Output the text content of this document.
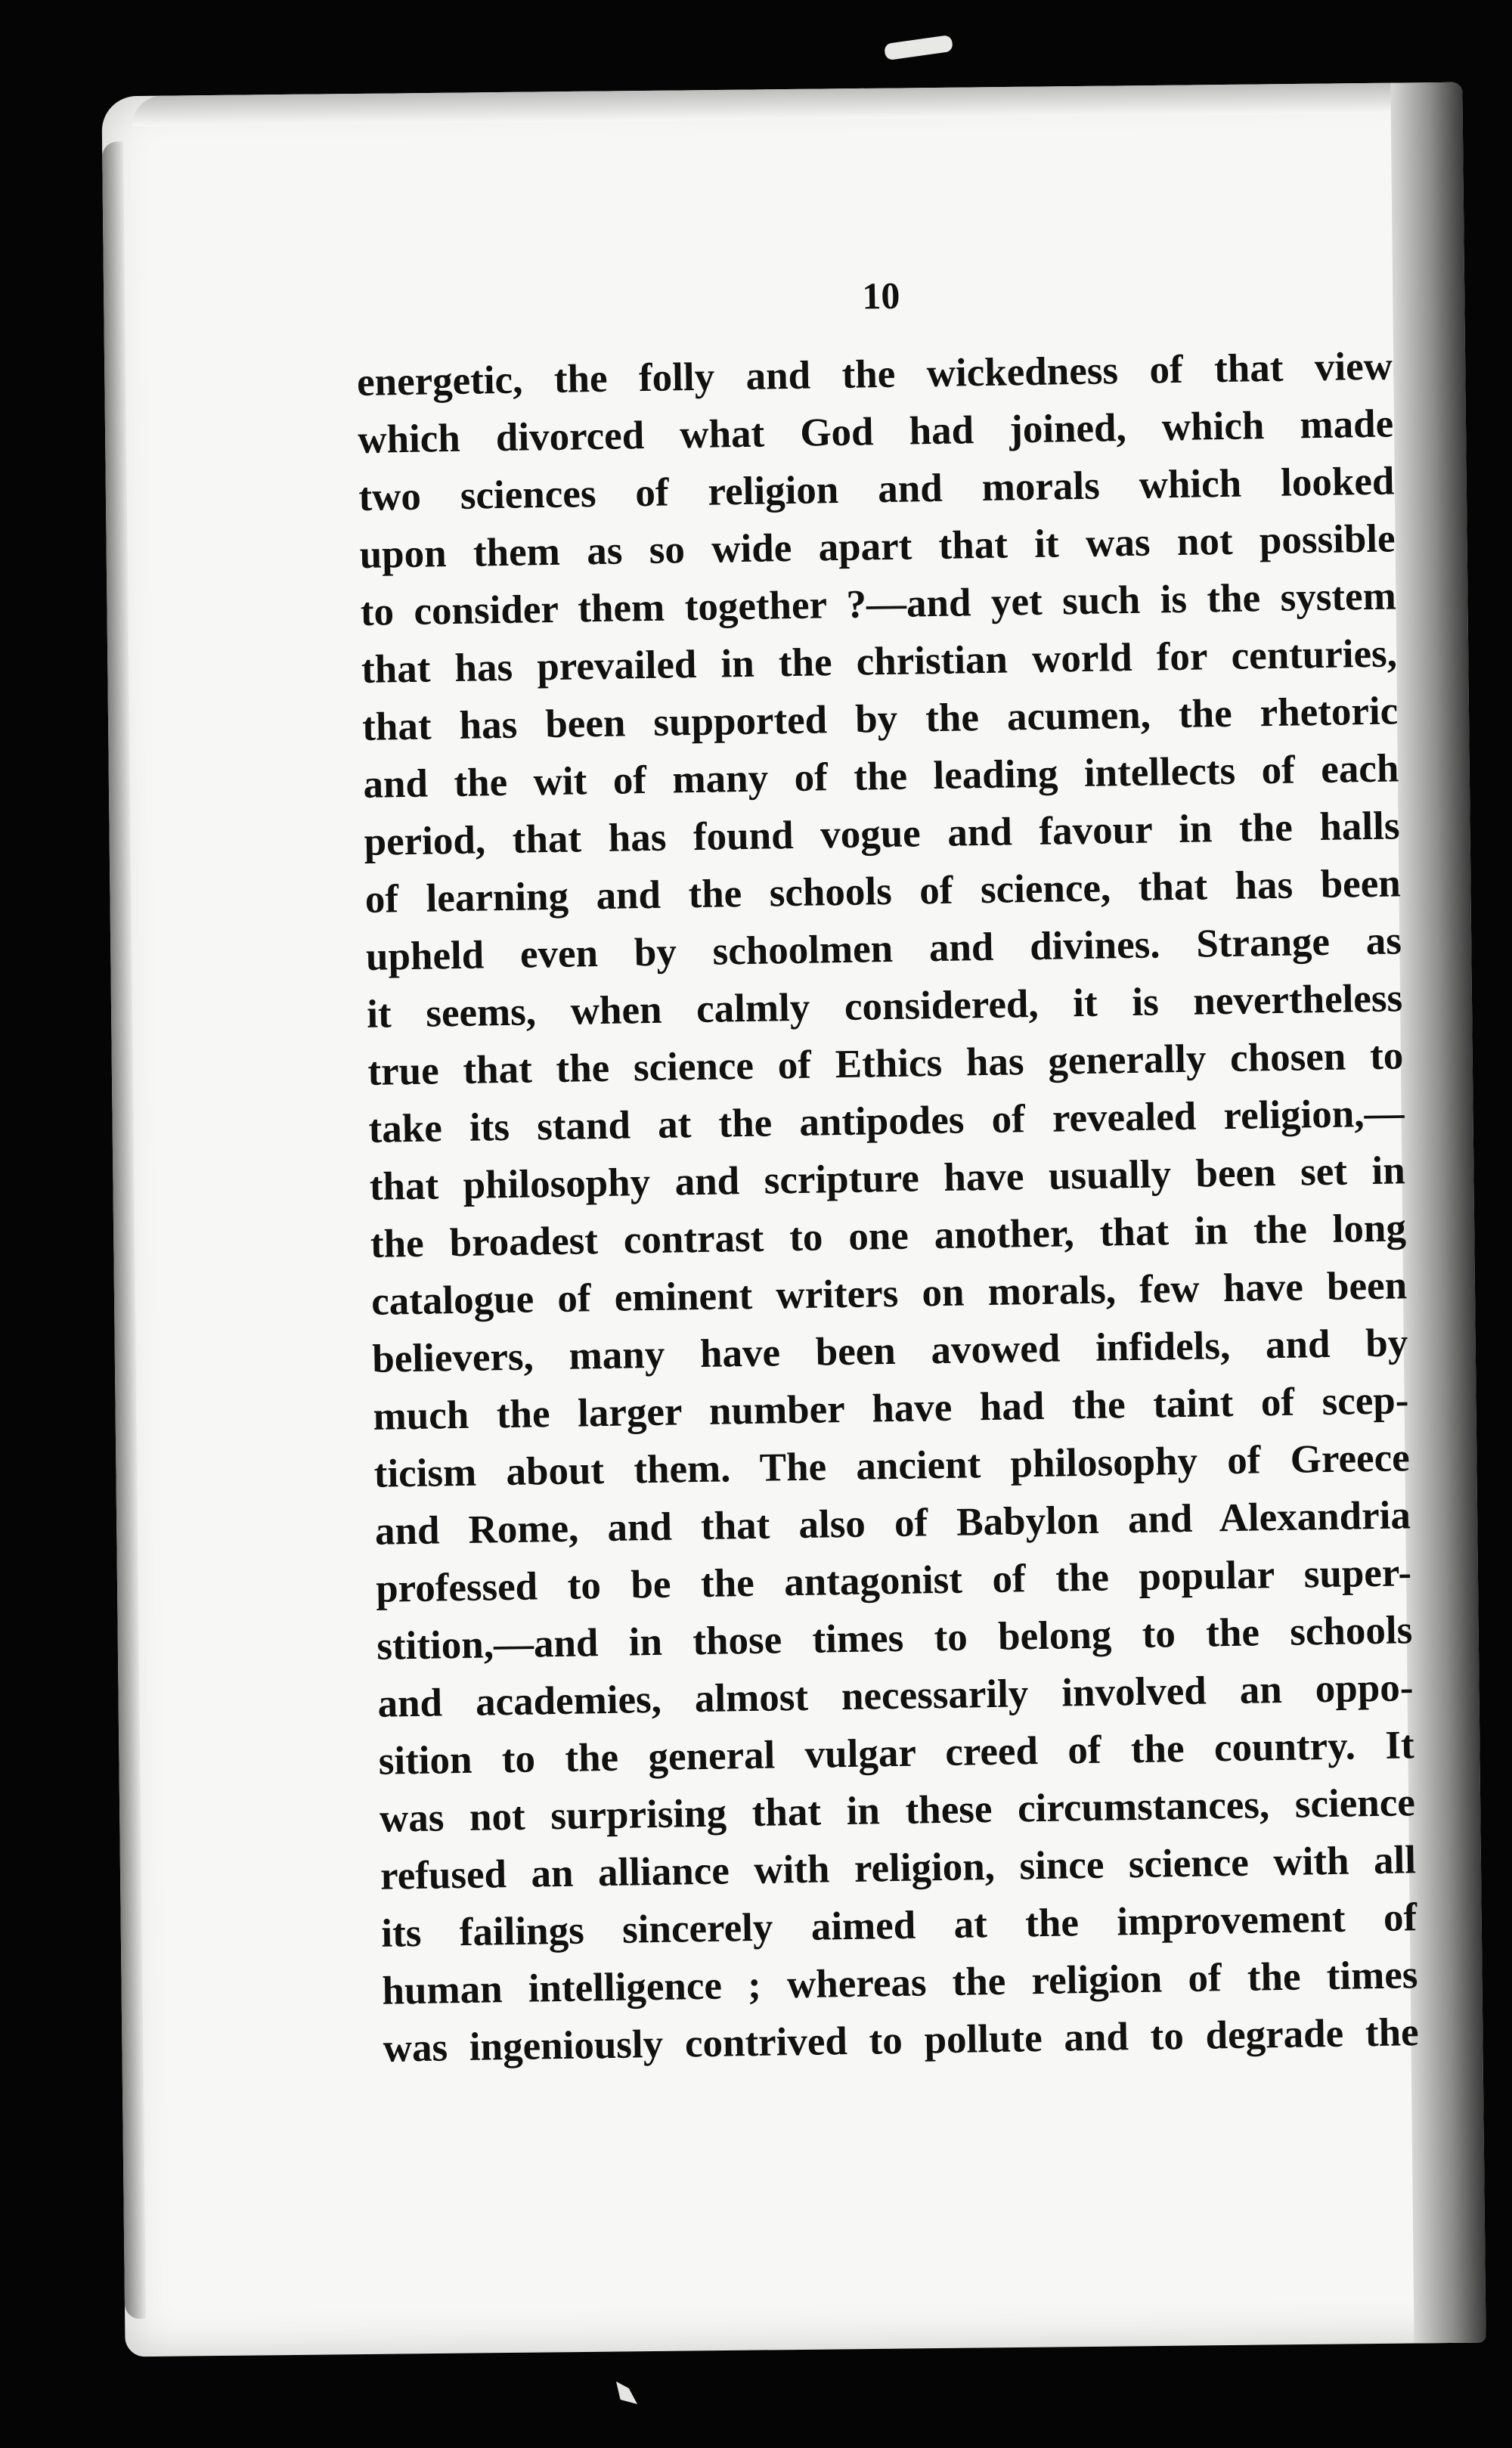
10
energetic, the folly and the wickedness of that view
which divorced what God had joined, which made
two sciences of religion and morals which looked
upon them as so wide apart that it was not possible
to consider them together ?—and yet such is the system
that has prevailed in the christian world for centuries,
that has been supported by the acumen, the rhetoric
and the wit of many of the leading intellects of each
period, that has found vogue and favour in the halls
of learning and the schools of science, that has been
upheld even by schoolmen and divines. Strange as
it seems, when calmly considered, it is nevertheless
true that the science of Ethics has generally chosen to
take its stand at the antipodes of revealed religion,—
that philosophy and scripture have usually been set in
the broadest contrast to one another, that in the long
catalogue of eminent writers on morals, few have been
believers, many have been avowed infidels, and by
much the larger number have had the taint of scep-
ticism about them. The ancient philosophy of Greece
and Rome, and that also of Babylon and Alexandria
professed to be the antagonist of the popular super-
stition,—and in those times to belong to the schools
and academies, almost necessarily involved an oppo-
sition to the general vulgar creed of the country. It
was not surprising that in these circumstances, science
refused an alliance with religion, since science with all
its failings sincerely aimed at the improvement of
human intelligence ; whereas the religion of the times
was ingeniously contrived to pollute and to degrade the
